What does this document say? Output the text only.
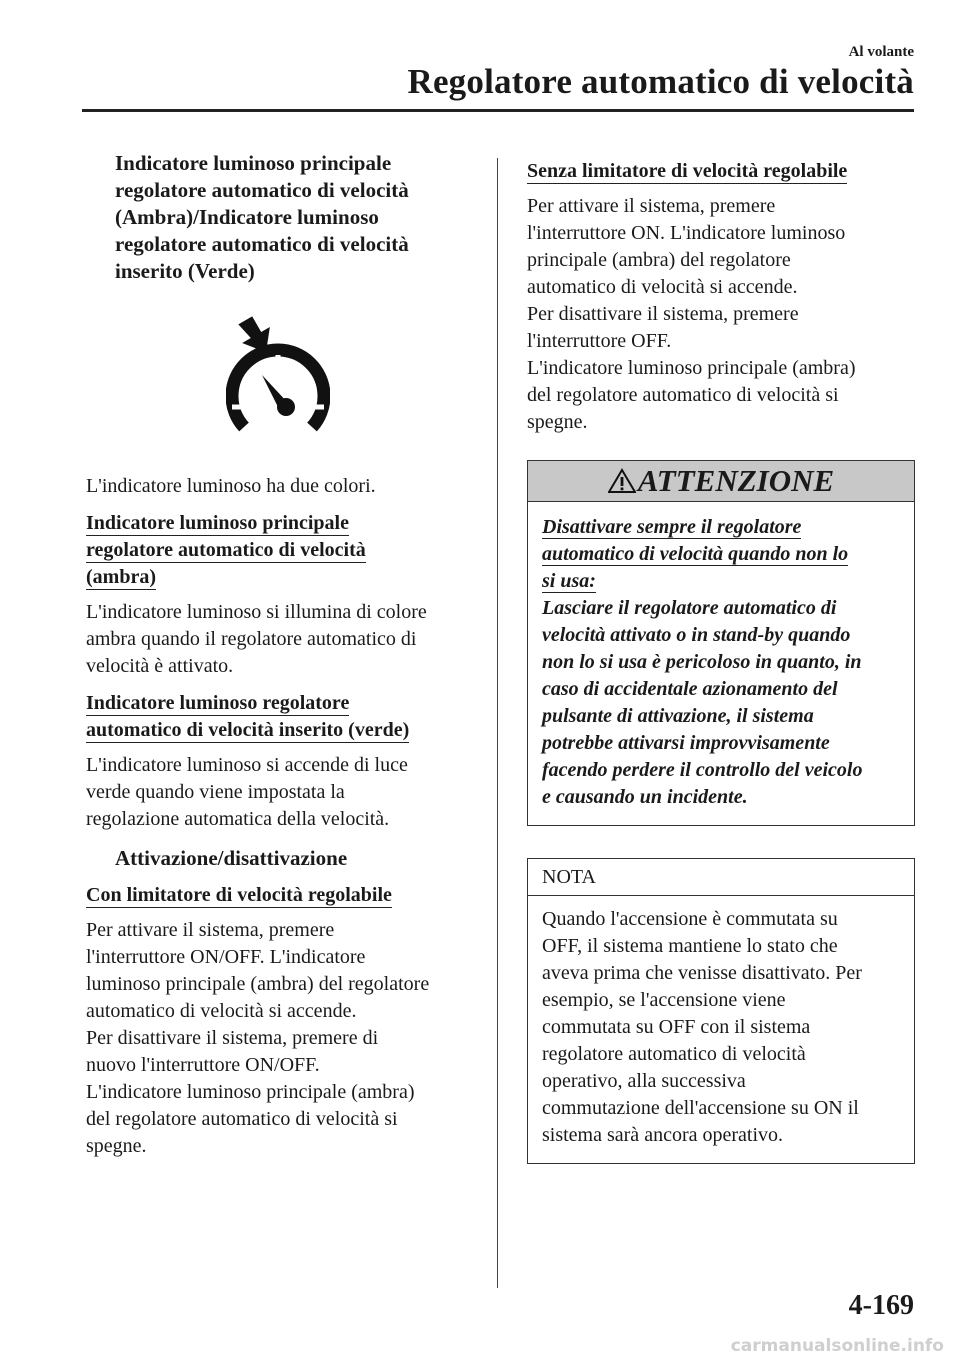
Al volante
Regolatore automatico di velocità
Indicatore luminoso principale
regolatore automatico di velocità
(Ambra)/Indicatore luminoso
regolatore automatico di velocità
inserito (Verde)
L'indicatore luminoso ha due colori.
Indicatore luminoso principale
regolatore automatico di velocità
(ambra)
L'indicatore luminoso si illumina di colore
ambra quando il regolatore automatico di
velocità è attivato.
Indicatore luminoso regolatore
automatico di velocità inserito (verde)
L'indicatore luminoso si accende di luce
verde quando viene impostata la
regolazione automatica della velocità.
Attivazione/disattivazione
Con limitatore di velocità regolabile
Per attivare il sistema, premere
l'interruttore ON/OFF. L'indicatore
luminoso principale (ambra) del regolatore
automatico di velocità si accende.
Per disattivare il sistema, premere di
nuovo l'interruttore ON/OFF.
L'indicatore luminoso principale (ambra)
del regolatore automatico di velocità si
spegne.
Senza limitatore di velocità regolabile
Per attivare il sistema, premere
l'interruttore ON. L'indicatore luminoso
principale (ambra) del regolatore
automatico di velocità si accende.
Per disattivare il sistema, premere
l'interruttore OFF.
L'indicatore luminoso principale (ambra)
del regolatore automatico di velocità si
spegne.
ATTENZIONE
Disattivare sempre il regolatore
automatico di velocità quando non lo
si usa:
Lasciare il regolatore automatico di
velocità attivato o in stand-by quando
non lo si usa è pericoloso in quanto, in
caso di accidentale azionamento del
pulsante di attivazione, il sistema
potrebbe attivarsi improvvisamente
facendo perdere il controllo del veicolo
e causando un incidente.
NOTA
Quando l'accensione è commutata su
OFF, il sistema mantiene lo stato che
aveva prima che venisse disattivato. Per
esempio, se l'accensione viene
commutata su OFF con il sistema
regolatore automatico di velocità
operativo, alla successiva
commutazione dell'accensione su ON il
sistema sarà ancora operativo.
4-169
carmanualsonline.info
